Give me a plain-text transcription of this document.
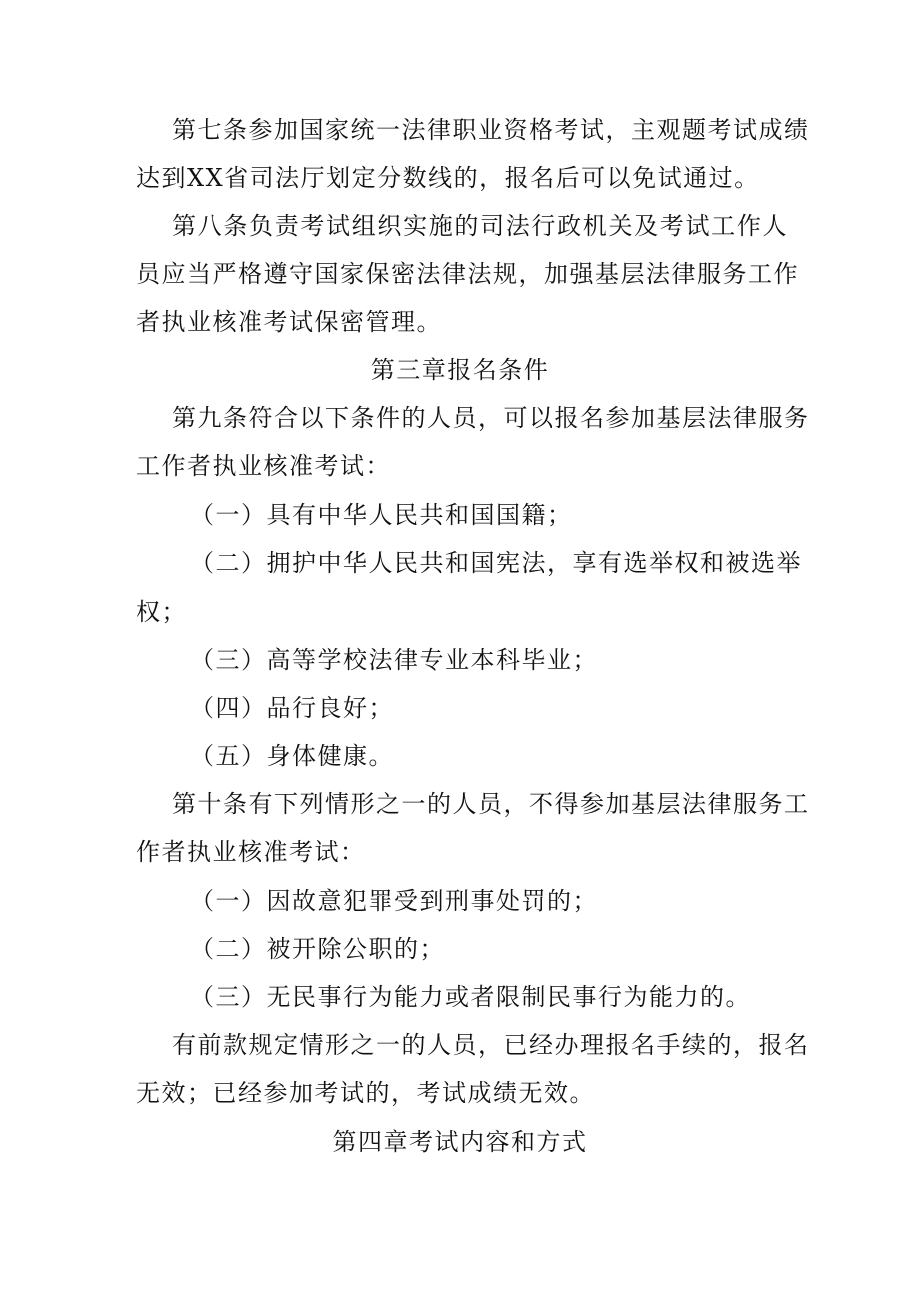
第七条参加国家统一法律职业资格考试，主观题考试成绩
达到XX省司法厅划定分数线的，报名后可以免试通过。
第八条负责考试组织实施的司法行政机关及考试工作人
员应当严格遵守国家保密法律法规，加强基层法律服务工作
者执业核准考试保密管理。
第三章报名条件
第九条符合以下条件的人员，可以报名参加基层法律服务
工作者执业核准考试：
（一）具有中华人民共和国国籍；
（二）拥护中华人民共和国宪法，享有选举权和被选举
权；
（三）高等学校法律专业本科毕业；
（四）品行良好；
（五）身体健康。
第十条有下列情形之一的人员，不得参加基层法律服务工
作者执业核准考试：
（一）因故意犯罪受到刑事处罚的；
（二）被开除公职的；
（三）无民事行为能力或者限制民事行为能力的。
有前款规定情形之一的人员，已经办理报名手续的，报名
无效；已经参加考试的，考试成绩无效。
第四章考试内容和方式
